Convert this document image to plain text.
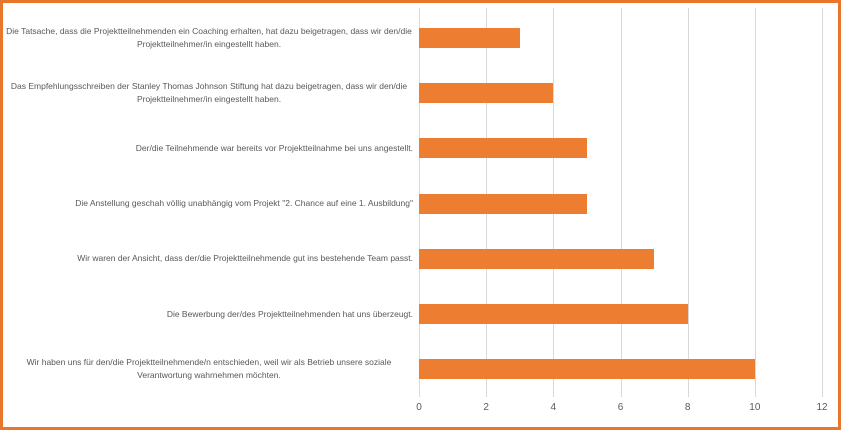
Die Tatsache, dass die Projektteilnehmenden ein Coaching erhalten, hat dazu beigetragen, dass wir den/die Projektteilnehmer/in eingestellt haben.
Das Empfehlungsschreiben der Stanley Thomas Johnson Stiftung hat dazu beigetragen, dass wir den/die Projektteilnehmer/in eingestellt haben.
Der/die Teilnehmende war bereits vor Projektteilnahme bei uns angestellt.
Die Anstellung geschah völlig unabhängig vom Projekt "2. Chance auf eine 1. Ausbildung"
Wir waren der Ansicht, dass der/die Projektteilnehmende gut ins bestehende Team passt.
Die Bewerbung der/des Projektteilnehmenden hat uns überzeugt.
Wir haben uns für den/die Projektteilnehmende/n entschieden, weil wir als Betrieb unsere soziale Verantwortung wahrnehmen möchten.
0	2	4	6	8	10	12
